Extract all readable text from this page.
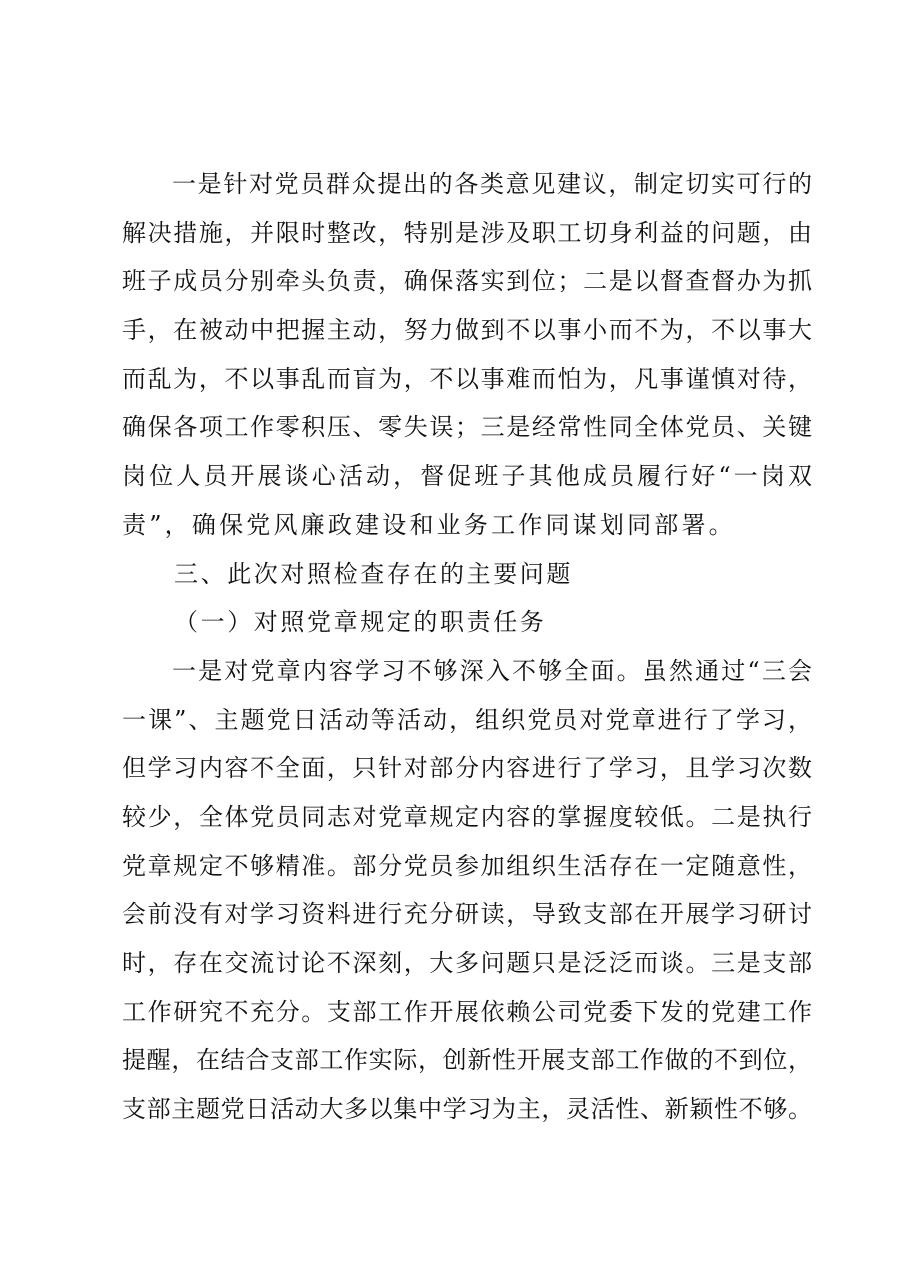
一是针对党员群众提出的各类意见建议，制定切实可行的
解决措施，并限时整改，特别是涉及职工切身利益的问题，由
班子成员分别牵头负责，确保落实到位；二是以督查督办为抓
手，在被动中把握主动，努力做到不以事小而不为，不以事大
而乱为，不以事乱而盲为，不以事难而怕为，凡事谨慎对待，
确保各项工作零积压、零失误；三是经常性同全体党员、关键
岗位人员开展谈心活动，督促班子其他成员履行好“一岗双
责”，确保党风廉政建设和业务工作同谋划同部署。
三、此次对照检查存在的主要问题
（一）对照党章规定的职责任务
一是对党章内容学习不够深入不够全面。虽然通过“三会
一课”、主题党日活动等活动，组织党员对党章进行了学习，
但学习内容不全面，只针对部分内容进行了学习，且学习次数
较少，全体党员同志对党章规定内容的掌握度较低。二是执行
党章规定不够精准。部分党员参加组织生活存在一定随意性，
会前没有对学习资料进行充分研读，导致支部在开展学习研讨
时，存在交流讨论不深刻，大多问题只是泛泛而谈。三是支部
工作研究不充分。支部工作开展依赖公司党委下发的党建工作
提醒，在结合支部工作实际，创新性开展支部工作做的不到位，
支部主题党日活动大多以集中学习为主，灵活性、新颖性不够。
